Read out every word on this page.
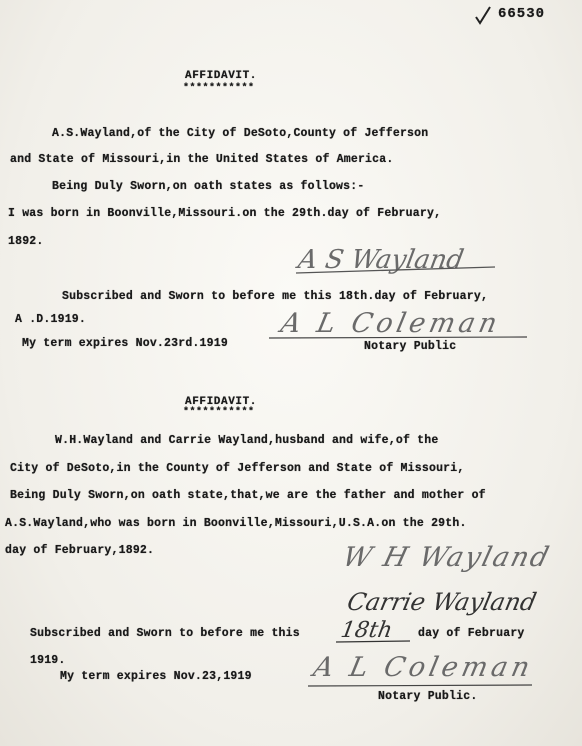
66530
AFFIDAVIT.
***********
A.S.Wayland,of the City of DeSoto,County of Jefferson
and State of Missouri,in the United States of America.
Being Duly Sworn,on oath states as follows:-
I was born in Boonville,Missouri.on the 29th.day of February,
1892.
A S Wayland
Subscribed and Sworn to before me this 18th.day of February,
A .D.1919.	A L Coleman
My term expires Nov.23rd.1919	Notary Public
AFFIDAVIT.
***********
W.H.Wayland and Carrie Wayland,husband and wife,of the
City of DeSoto,in the County of Jefferson and State of Missouri,
Being Duly Sworn,on oath state,that,we are the father and mother of
A.S.Wayland,who was born in Boonville,Missouri,U.S.A.on the 29th.
day of February,1892.	W H Wayland
Carrie Wayland
Subscribed and Sworn to before me this 18th day of February
1919.
My term expires Nov.23,1919 A L Coleman
Notary Public.
